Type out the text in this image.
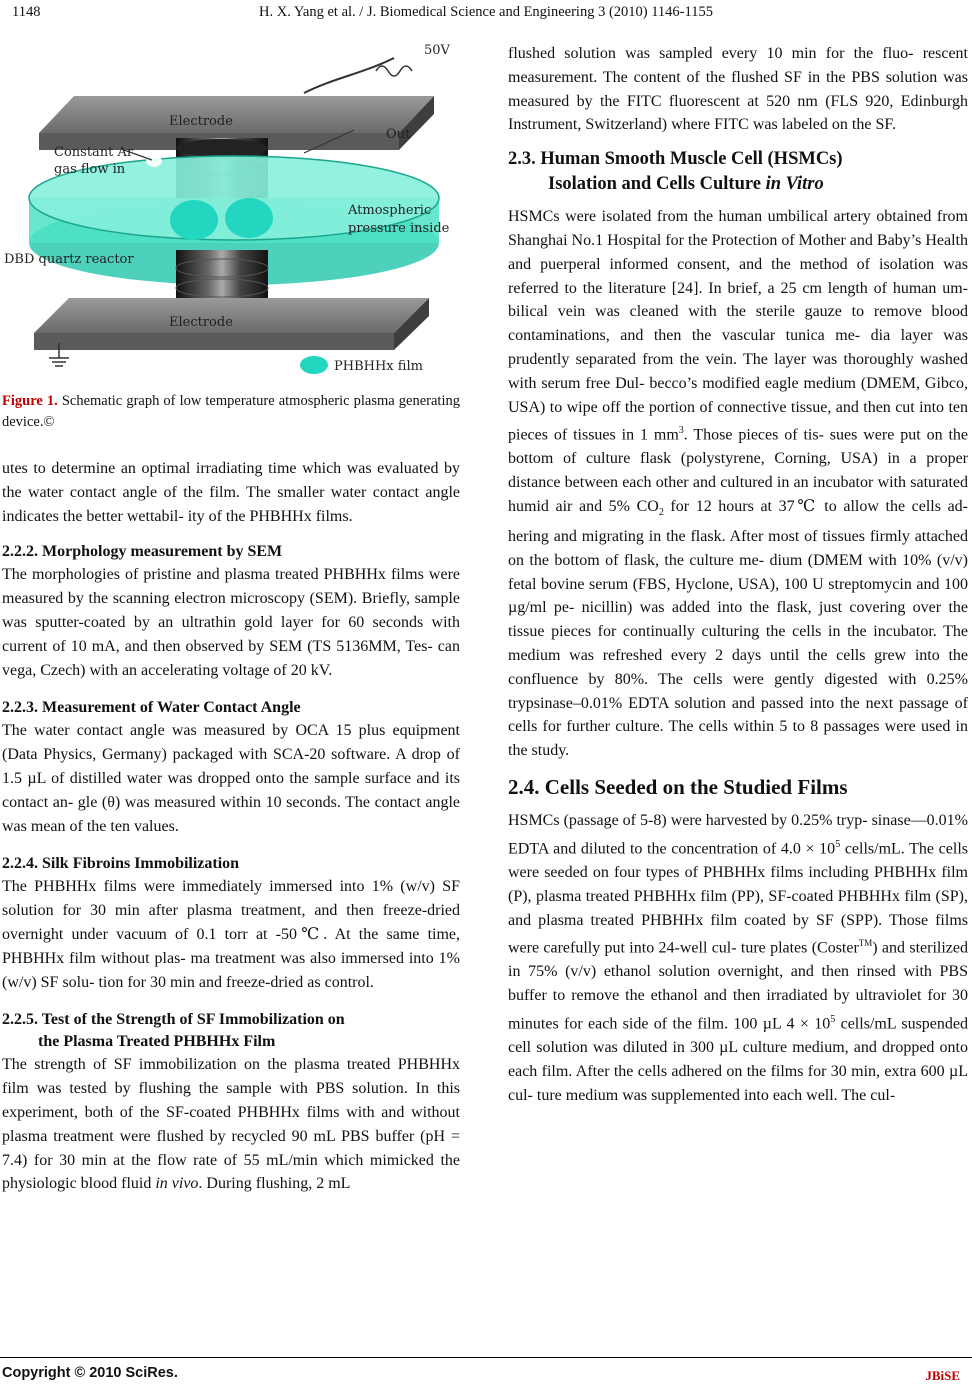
1148	H. X. Yang et al. / J. Biomedical Science and Engineering 3 (2010) 1146-1155
50V
Electrode
Electrode
Constant Ar
gas flow in
Out
Atmospheric
pressure inside
DBD quartz reactor
PHBHHx film

Figure 1. Schematic graph of low temperature atmospheric plasma generating device.©

utes to determine an optimal irradiating time which was evaluated by the water contact angle of the film. The smaller water contact angle indicates the better wettabil- ity of the PHBHHx films.

2.2.2. Morphology measurement by SEM

The morphologies of pristine and plasma treated PHBHHx films were measured by the scanning electron microscopy (SEM). Briefly, sample was sputter-coated by an ultrathin gold layer for 60 seconds with current of 10 mA, and then observed by SEM (TS 5136MM, Tes- can vega, Czech) with an accelerating voltage of 20 kV.

2.2.3. Measurement of Water Contact Angle

The water contact angle was measured by OCA 15 plus equipment (Data Physics, Germany) packaged with SCA-20 software. A drop of 1.5 µL of distilled water was dropped onto the sample surface and its contact an- gle (θ) was measured within 10 seconds. The contact angle was mean of the ten values.

2.2.4. Silk Fibroins Immobilization

The PHBHHx films were immediately immersed into 1% (w/v) SF solution for 30 min after plasma treatment, and then freeze-dried overnight under vacuum of 0.1 torr at -50℃. At the same time, PHBHHx film without plas- ma treatment was also immersed into 1% (w/v) SF solu- tion for 30 min and freeze-dried as control.

2.2.5. Test of the Strength of SF Immobilization on

the Plasma Treated PHBHHx Film

The strength of SF immobilization on the plasma treated PHBHHx film was tested by flushing the sample with PBS solution. In this experiment, both of the SF-coated PHBHHx films with and without plasma treatment were flushed by recycled 90 mL PBS buffer (pH = 7.4) for 30 min at the flow rate of 55 mL/min which mimicked the physiologic blood fluid in vivo. During flushing, 2 mL

flushed solution was sampled every 10 min for the fluo- rescent measurement. The content of the flushed SF in the PBS solution was measured by the FITC fluorescent at 520 nm (FLS 920, Edinburgh Instrument, Switzerland) where FITC was labeled on the SF.

2.3. Human Smooth Muscle Cell (HSMCs)

Isolation and Cells Culture in Vitro

HSMCs were isolated from the human umbilical artery obtained from Shanghai No.1 Hospital for the Protection of Mother and Baby’s Health and puerperal informed consent, and the method of isolation was referred to the literature [24]. In brief, a 25 cm length of human um- bilical vein was cleaned with the sterile gauze to remove blood contaminations, and then the vascular tunica me- dia layer was prudently separated from the vein. The layer was thoroughly washed with serum free Dul- becco’s modified eagle medium (DMEM, Gibco, USA) to wipe off the portion of connective tissue, and then cut into ten pieces of tissues in 1 $mm^3$. Those pieces of tis- sues were put on the bottom of culture flask (polystyrene, Corning, USA) in a proper distance between each other and cultured in an incubator with saturated humid air and 5% $CO_2$ for 12 hours at 37℃ to allow the cells ad- hering and migrating in the flask. After most of tissues firmly attached on the bottom of flask, the culture me- dium (DMEM with 10% (v/v) fetal bovine serum (FBS, Hyclone, USA), 100 U streptomycin and 100 µg/ml pe- nicillin) was added into the flask, just covering over the tissue pieces for continually culturing the cells in the incubator. The medium was refreshed every 2 days until the cells grew into the confluence by 80%. The cells were gently digested with 0.25% trypsinase–0.01% EDTA solution and passed into the next passage of cells for further culture. The cells within 5 to 8 passages were used in the study.

2.4. Cells Seeded on the Studied Films

HSMCs (passage of 5-8) were harvested by 0.25% tryp- sinase—0.01% EDTA and diluted to the concentration of $4.0 \times 10^5$ cells/mL. The cells were seeded on four types of PHBHHx films including PHBHHx film (P), plasma treated PHBHHx film (PP), SF-coated PHBHHx film (SP), and plasma treated PHBHHx film coated by SF (SPP). Those films were carefully put into 24-well cul- ture plates (Coster™) and sterilized in 75% (v/v) ethanol solution overnight, and then rinsed with PBS buffer to remove the ethanol and then irradiated by ultraviolet for 30 minutes for each side of the film. 100 µL $4 \times 10^5$ cells/mL suspended cell solution was diluted in 300 µL culture medium, and dropped onto each film. After the cells adhered on the films for 30 min, extra 600 µL cul- ture medium was supplemented into each well. The cul-

Copyright © 2010 SciRes.	JBiSE
